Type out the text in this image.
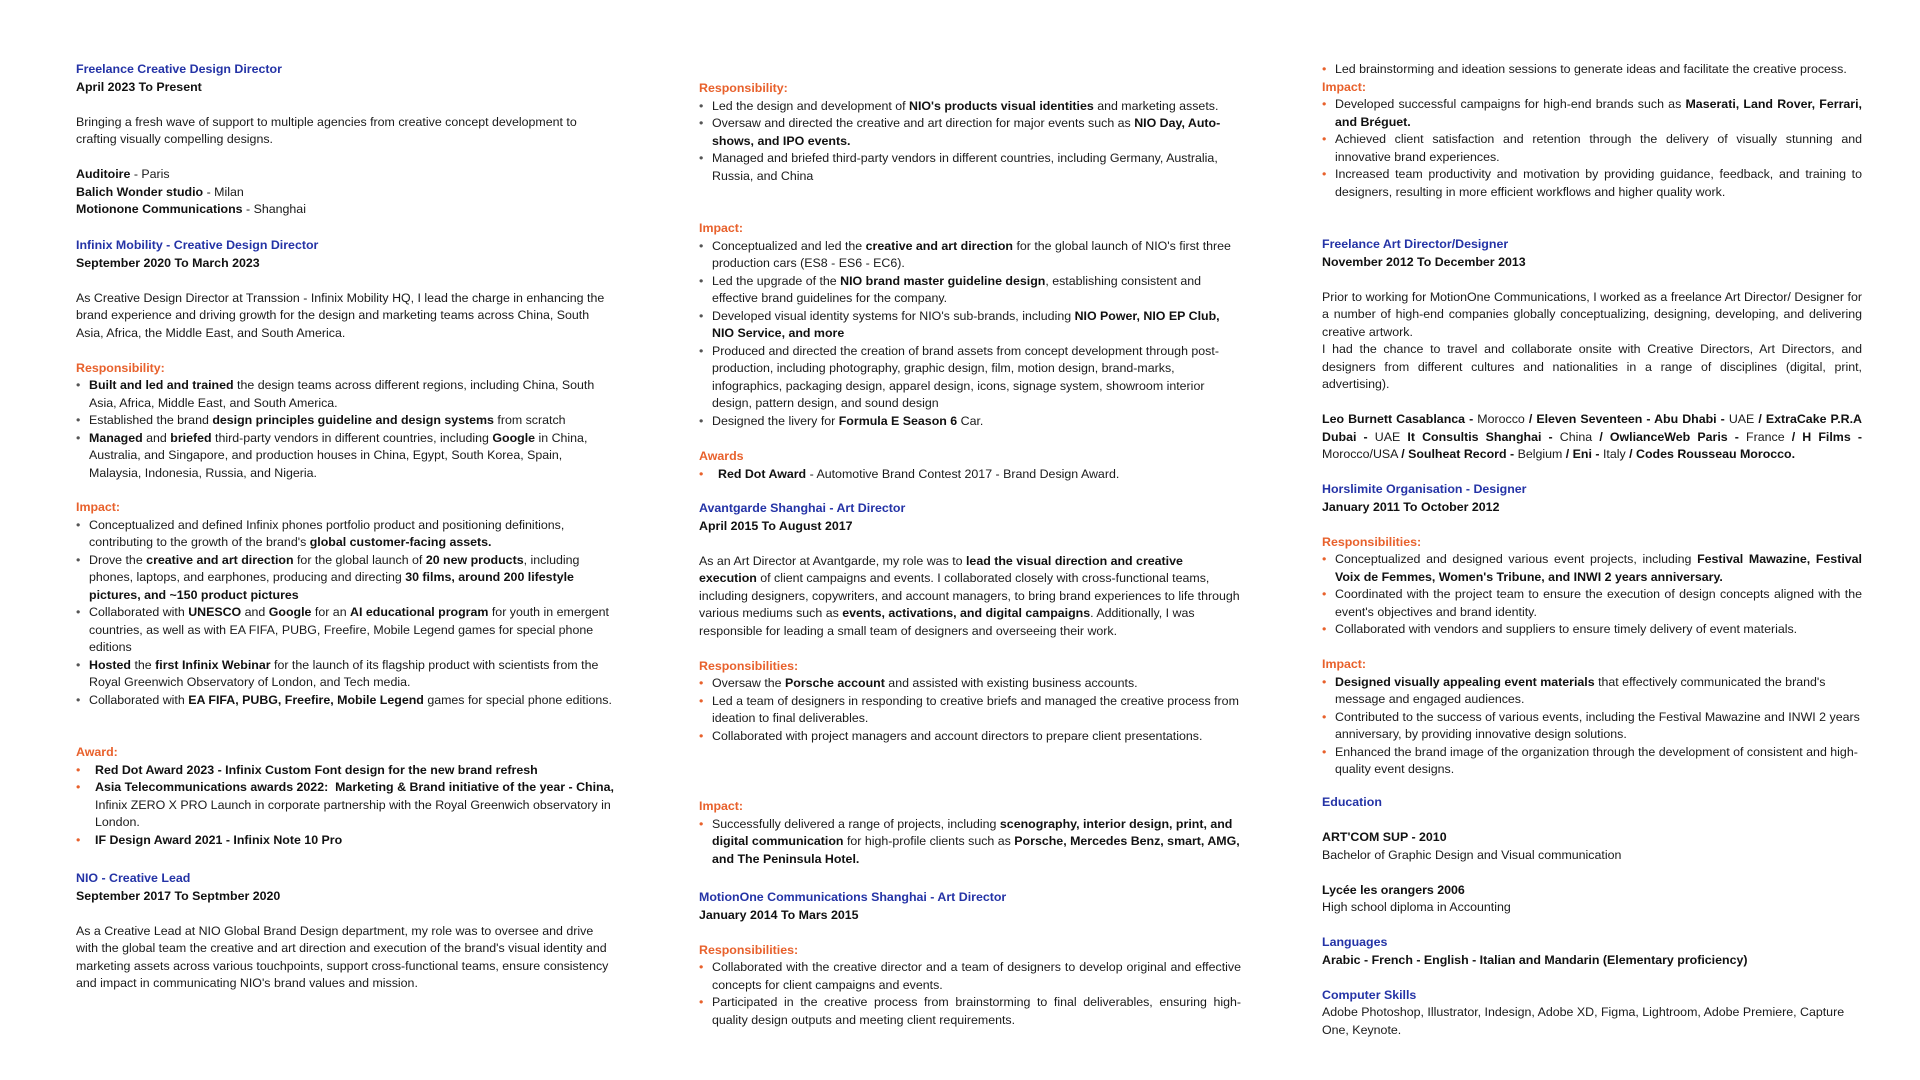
Freelance Creative Design Director
April 2023 To Present

Bringing a fresh wave of support to multiple agencies from creative concept development to crafting visually compelling designs.

Auditoire - Paris
Balich Wonder studio - Milan
Motionone Communications - Shanghai
Infinix Mobility - Creative Design Director
September 2020 To March 2023

As Creative Design Director at Transsion - Infinix Mobility HQ, I lead the charge in enhancing the brand experience and driving growth for the design and marketing teams across China, South Asia, Africa, the Middle East, and South America.

Responsibility:
• Built and led and trained the design teams across different regions, including China, South Asia, Africa, Middle East, and South America.
• Established the brand design principles guideline and design systems from scratch
• Managed and briefed third-party vendors in different countries, including Google in China, Australia, and Singapore, and production houses in China, Egypt, South Korea, Spain, Malaysia, Indonesia, Russia, and Nigeria.
Impact:
• Conceptualized and defined Infinix phones portfolio product and positioning definitions, contributing to the growth of the brand's global customer-facing assets.
• Drove the creative and art direction for the global launch of 20 new products, including phones, laptops, and earphones, producing and directing 30 films, around 200 lifestyle pictures, and ~150 product pictures
• Collaborated with UNESCO and Google for an AI educational program for youth in emergent countries, as well as with EA FIFA, PUBG, Freefire, Mobile Legend games for special phone editions
• Hosted the first Infinix Webinar for the launch of its flagship product with scientists from the Royal Greenwich Observatory of London, and Tech media.
• Collaborated with EA FIFA, PUBG, Freefire, Mobile Legend games for special phone editions.
Award:
• Red Dot Award 2023 - Infinix Custom Font design for the new brand refresh
• Asia Telecommunications awards 2022:  Marketing & Brand initiative of the year - China, Infinix ZERO X PRO Launch in corporate partnership with the Royal Greenwich observatory in London.
• IF Design Award 2021 - Infinix Note 10 Pro
NIO - Creative Lead
September 2017 To Septmber 2020

As a Creative Lead at NIO Global Brand Design department, my role was to oversee and drive with the global team the creative and art direction and execution of the brand's visual identity and marketing assets across various touchpoints, support cross-functional teams, ensure consistency and impact in communicating NIO's brand values and mission.

Responsibility:
• Led the design and development of NIO's products visual identities and marketing assets.
• Oversaw and directed the creative and art direction for major events such as NIO Day, Auto-shows, and IPO events.
• Managed and briefed third-party vendors in different countries, including Germany, Australia, Russia, and China
Impact:
• Conceptualized and led the creative and art direction for the global launch of NIO's first three production cars (ES8 - ES6 - EC6).
• Led the upgrade of the NIO brand master guideline design, establishing consistent and effective brand guidelines for the company.
• Developed visual identity systems for NIO's sub-brands, including NIO Power, NIO EP Club, NIO Service, and more
• Produced and directed the creation of brand assets from concept development through post-production, including photography, graphic design, film, motion design, brand-marks, infographics, packaging design, apparel design, icons, signage system, showroom interior design, pattern design, and sound design
• Designed the livery for Formula E Season 6 Car.
Awards
• Red Dot Award - Automotive Brand Contest 2017 - Brand Design Award.
Avantgarde Shanghai - Art Director
April 2015 To August 2017

As an Art Director at Avantgarde, my role was to lead the visual direction and creative execution of client campaigns and events. I collaborated closely with cross-functional teams, including designers, copywriters, and account managers, to bring brand experiences to life through various mediums such as events, activations, and digital campaigns. Additionally, I was responsible for leading a small team of designers and overseeing their work.

Responsibilities:
• Oversaw the Porsche account and assisted with existing business accounts.
• Led a team of designers in responding to creative briefs and managed the creative process from ideation to final deliverables.
• Collaborated with project managers and account directors to prepare client presentations.
Impact:
• Successfully delivered a range of projects, including scenography, interior design, print, and digital communication for high-profile clients such as Porsche, Mercedes Benz, smart, AMG, and The Peninsula Hotel.
MotionOne Communications Shanghai - Art Director
January 2014 To Mars 2015
Responsibilities:
• Collaborated with the creative director and a team of designers to develop original and effective concepts for client campaigns and events.
• Participated in the creative process from brainstorming to final deliverables, ensuring high-quality design outputs and meeting client requirements.
• Led brainstorming and ideation sessions to generate ideas and facilitate the creative process.
Impact:
• Developed successful campaigns for high-end brands such as Maserati, Land Rover, Ferrari, and Bréguet.
• Achieved client satisfaction and retention through the delivery of visually stunning and innovative brand experiences.
• Increased team productivity and motivation by providing guidance, feedback, and training to designers, resulting in more efficient workflows and higher quality work.
Freelance Art Director/Designer
November 2012 To December 2013

Prior to working for MotionOne Communications, I worked as a freelance Art Director/ Designer for a number of high-end companies globally conceptualizing, designing, developing, and delivering creative artwork.

I had the chance to travel and collaborate onsite with Creative Directors, Art Directors, and designers from different cultures and nationalities in a range of disciplines (digital, print, advertising).

Leo Burnett Casablanca - Morocco / Eleven Seventeen - Abu Dhabi - UAE / ExtraCake P.R.A Dubai - UAE It Consultis Shanghai - China / OwlianceWeb Paris - France / H Films - Morocco/USA / Soulheat Record - Belgium / Eni - Italy / Codes Rousseau Morocco.

Horslimite Organisation - Designer
January 2011 To October 2012
Responsibilities:
• Conceptualized and designed various event projects, including Festival Mawazine, Festival Voix de Femmes, Women's Tribune, and INWI 2 years anniversary.
• Coordinated with the project team to ensure the execution of design concepts aligned with the event's objectives and brand identity.
• Collaborated with vendors and suppliers to ensure timely delivery of event materials.
Impact:
• Designed visually appealing event materials that effectively communicated the brand's message and engaged audiences.
• Contributed to the success of various events, including the Festival Mawazine and INWI 2 years anniversary, by providing innovative design solutions.
• Enhanced the brand image of the organization through the development of consistent and high-quality event designs.
Education
ART'COM SUP - 2010
Bachelor of Graphic Design and Visual communication
Lycée les orangers 2006
High school diploma in Accounting
Languages
Arabic - French - English - Italian and Mandarin (Elementary proficiency)
Computer Skills
Adobe Photoshop, Illustrator, Indesign, Adobe XD, Figma, Lightroom, Adobe Premiere, Capture One, Keynote.
